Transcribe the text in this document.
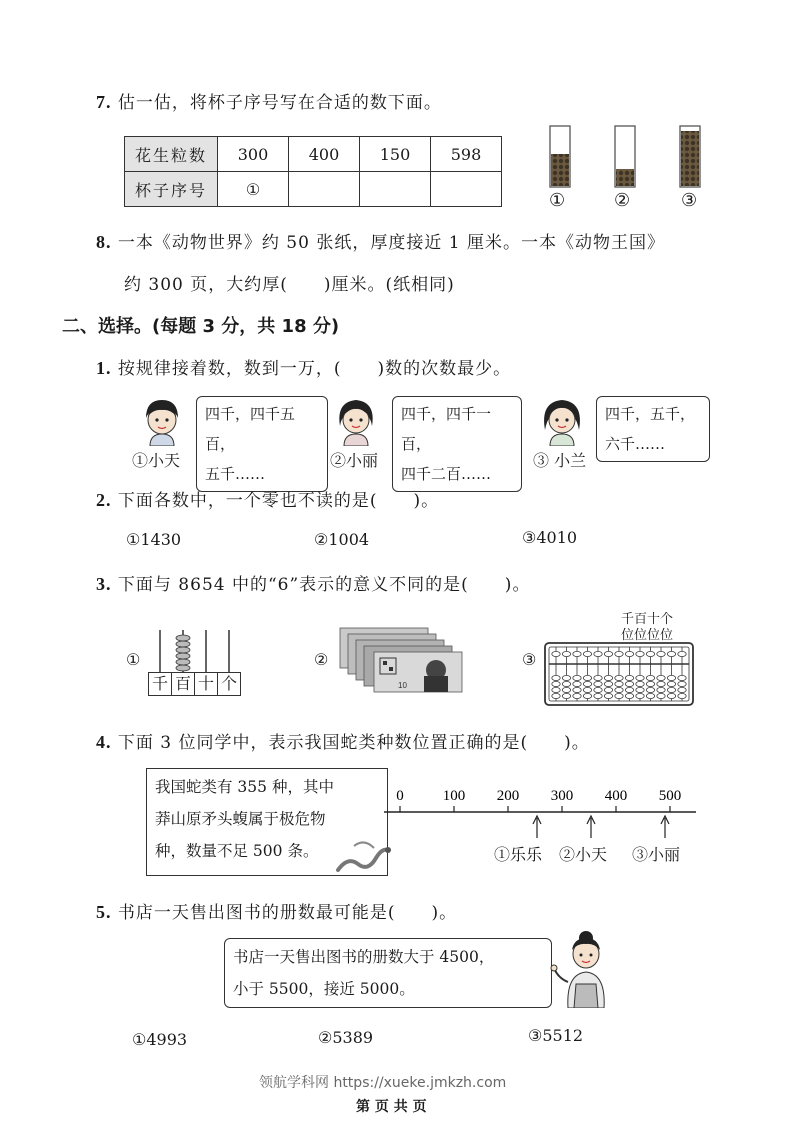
7. 估一估，将杯子序号写在合适的数下面。
花生粒数	300	400	150	598
杯子序号	①			
①	②	③
8. 一本《动物世界》约 50 张纸，厚度接近 1 厘米。一本《动物王国》
约 300 页，大约厚(　　)厘米。(纸相同)
二、选择。(每题 3 分，共 18 分)
1. 按规律接着数，数到一万，(　　)数的次数最少。
四千，四千五百，
五千……
①小天
四千，四千一百，
四千二百……
②小丽
四千，五千，
六千……
③ 小兰
2. 下面各数中，一个零也不读的是(　　)。
①1430	②1004	③4010
3. 下面与 8654 中的“6”表示的意义不同的是(　　)。
①
千 百 十 个
②
10
③
千百十个
位位位位
4. 下面 3 位同学中，表示我国蛇类种数位置正确的是(　　)。
我国蛇类有 355 种，其中
莽山原矛头蝮属于极危物
种，数量不足 500 条。
0	100 200 300 400 500
①乐乐 ②小天 ③小丽
5. 书店一天售出图书的册数最可能是(　　)。
书店一天售出图书的册数大于 4500，
小于 5500，接近 5000。
①4993	②5389	③5512
领航学科网 https://xueke.jmkzh.com
第 页 共 页
